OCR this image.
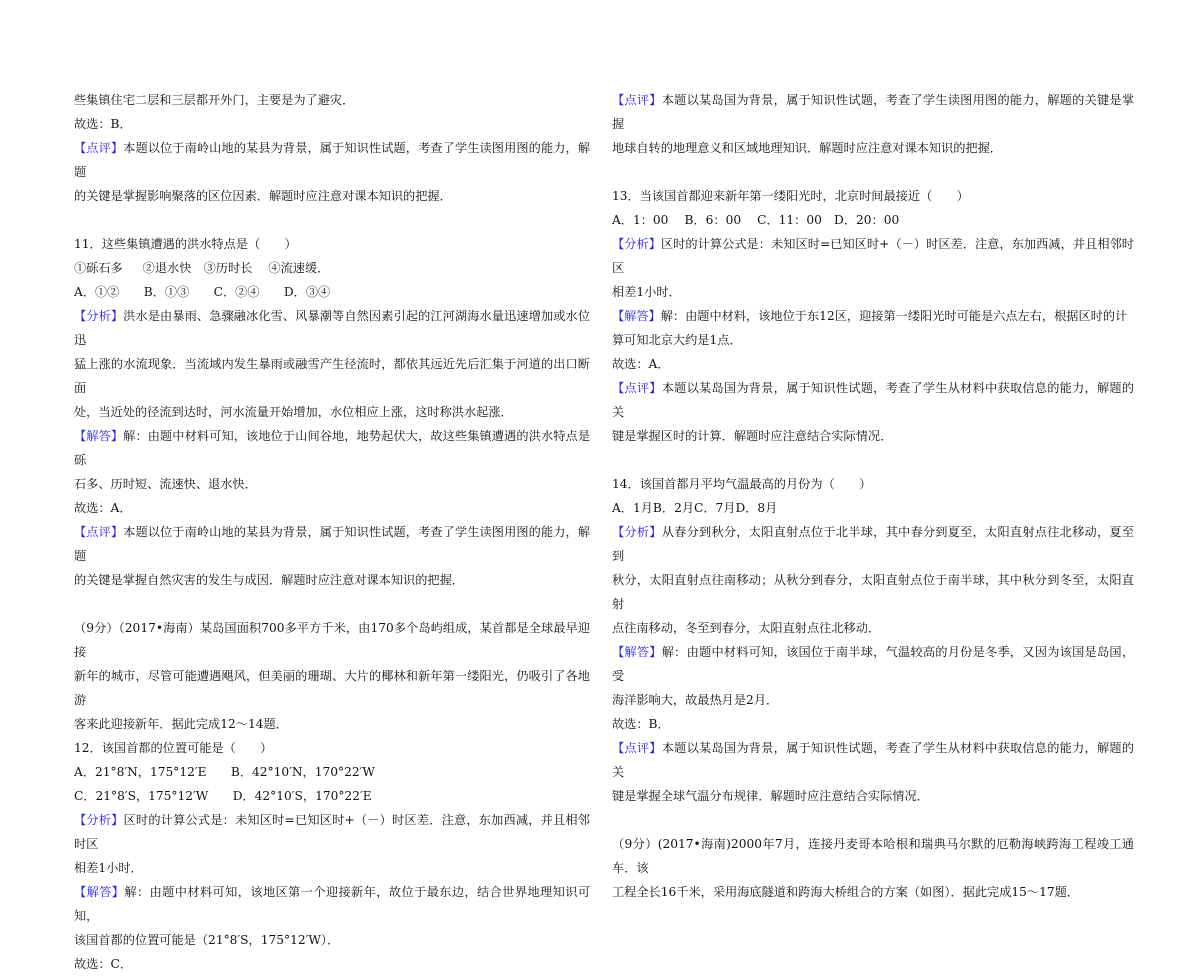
些集镇住宅二层和三层都开外门，主要是为了避灾．

故选：B．

【点评】本题以位于南岭山地的某县为背景，属于知识性试题，考查了学生读图用图的能力，解题

的关键是掌握影响聚落的区位因素．解题时应注意对课本知识的把握．

11．这些集镇遭遇的洪水特点是（　　）

①砾石多　  ②退水快　③历时长　 ④流速缓．

A．①②　　B．①③　　C．②④　　D．③④

【分析】洪水是由暴雨、急骤融冰化雪、风暴潮等自然因素引起的江河湖海水量迅速增加或水位迅

猛上涨的水流现象．当流域内发生暴雨或融雪产生径流时，都依其远近先后汇集于河道的出口断面

处，当近处的径流到达时，河水流量开始增加，水位相应上涨，这时称洪水起涨．

【解答】解：由题中材料可知，该地位于山间谷地，地势起伏大，故这些集镇遭遇的洪水特点是砾

石多、历时短、流速快、退水快．

故选：A．

【点评】本题以位于南岭山地的某县为背景，属于知识性试题，考查了学生读图用图的能力，解题

的关键是掌握自然灾害的发生与成因．解题时应注意对课本知识的把握．

（9分）（2017•海南）某岛国面积700多平方千米，由170多个岛屿组成，某首都是全球最早迎接

新年的城市，尽管可能遭遇飓风，但美丽的珊瑚、大片的椰林和新年第一缕阳光，仍吸引了各地游

客来此迎接新年．据此完成12～14题．

12．该国首都的位置可能是（　　）

A．21°8′N，175°12′E　　B．42°10′N，170°22′W

C．21°8′S，175°12′W　　D．42°10′S，170°22′E

【分析】区时的计算公式是：未知区时=已知区时+（－）时区差．注意，东加西减，并且相邻时区

相差1小时．

【解答】解：由题中材料可知，该地区第一个迎接新年，故位于最东边，结合世界地理知识可知，

该国首都的位置可能是（21°8′S，175°12′W）．

故选：C．

【点评】本题以某岛国为背景，属于知识性试题，考查了学生读图用图的能力，解题的关键是掌握

地球自转的地理意义和区域地理知识．解题时应注意对课本知识的把握．

13．当该国首都迎来新年第一缕阳光时，北京时间最接近（　　）

A．1：00　 B．6：00　 C．11：00　D．20：00

【分析】区时的计算公式是：未知区时=已知区时+（－）时区差．注意，东加西减，并且相邻时区

相差1小时．

【解答】解：由题中材料，该地位于东12区，迎接第一缕阳光时可能是六点左右，根据区时的计

算可知北京大约是1点．

故选：A．

【点评】本题以某岛国为背景，属于知识性试题，考查了学生从材料中获取信息的能力，解题的关

键是掌握区时的计算．解题时应注意结合实际情况．

14．该国首都月平均气温最高的月份为（　　）

A．1月B．2月C．7月D．8月

【分析】从春分到秋分，太阳直射点位于北半球，其中春分到夏至，太阳直射点往北移动，夏至到

秋分，太阳直射点往南移动；从秋分到春分，太阳直射点位于南半球，其中秋分到冬至，太阳直射

点往南移动，冬至到春分，太阳直射点往北移动．

【解答】解：由题中材料可知，该国位于南半球，气温较高的月份是冬季，又因为该国是岛国，受

海洋影响大，故最热月是2月．

故选：B．

【点评】本题以某岛国为背景，属于知识性试题，考查了学生从材料中获取信息的能力，解题的关

键是掌握全球气温分布规律．解题时应注意结合实际情况．

（9分）(2017•海南)2000年7月，连接丹麦哥本哈根和瑞典马尔默的厄勒海峡跨海工程竣工通车．该

工程全长16千米，采用海底隧道和跨海大桥组合的方案（如图）．据此完成15～17题．
